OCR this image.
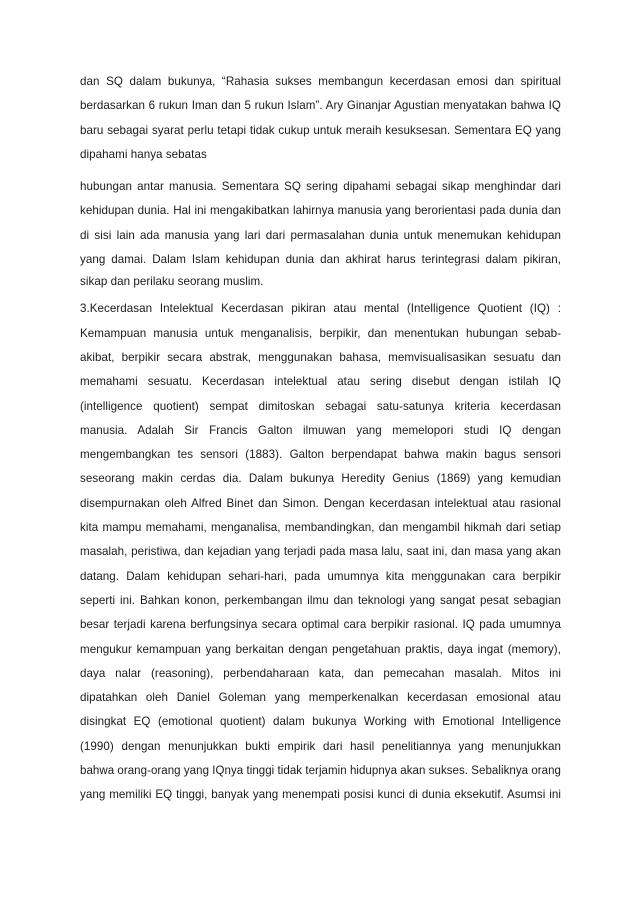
dan SQ dalam bukunya, “Rahasia sukses membangun kecerdasan emosi dan spiritual

berdasarkan 6 rukun Iman dan 5 rukun Islam”. Ary Ginanjar Agustian menyatakan bahwa IQ

baru sebagai syarat perlu tetapi tidak cukup untuk meraih kesuksesan. Sementara EQ yang

dipahami hanya sebatas

hubungan antar manusia. Sementara SQ sering dipahami sebagai sikap menghindar dari

kehidupan dunia. Hal ini mengakibatkan lahirnya manusia yang berorientasi pada dunia dan

di sisi lain ada manusia yang lari dari permasalahan dunia untuk menemukan kehidupan

yang damai. Dalam Islam kehidupan dunia dan akhirat harus terintegrasi dalam pikiran,

sikap dan perilaku seorang muslim.

3.Kecerdasan Intelektual Kecerdasan pikiran atau mental (Intelligence Quotient (IQ) :

Kemampuan manusia untuk menganalisis, berpikir, dan menentukan hubungan sebab-

akibat, berpikir secara abstrak, menggunakan bahasa, memvisualisasikan sesuatu dan

memahami sesuatu. Kecerdasan intelektual atau sering disebut dengan istilah IQ

(intelligence quotient) sempat dimitoskan sebagai satu-satunya kriteria kecerdasan

manusia. Adalah Sir Francis Galton ilmuwan yang memelopori studi IQ dengan

mengembangkan tes sensori (1883). Galton berpendapat bahwa makin bagus sensori

seseorang makin cerdas dia. Dalam bukunya Heredity Genius (1869) yang kemudian

disempurnakan oleh Alfred Binet dan Simon. Dengan kecerdasan intelektual atau rasional

kita mampu memahami, menganalisa, membandingkan, dan mengambil hikmah dari setiap

masalah, peristiwa, dan kejadian yang terjadi pada masa lalu, saat ini, dan masa yang akan

datang. Dalam kehidupan sehari-hari, pada umumnya kita menggunakan cara berpikir

seperti ini. Bahkan konon, perkembangan ilmu dan teknologi yang sangat pesat sebagian

besar terjadi karena berfungsinya secara optimal cara berpikir rasional. IQ pada umumnya

mengukur kemampuan yang berkaitan dengan pengetahuan praktis, daya ingat (memory),

daya nalar (reasoning), perbendaharaan kata, dan pemecahan masalah. Mitos ini

dipatahkan oleh Daniel Goleman yang memperkenalkan kecerdasan emosional atau

disingkat EQ (emotional quotient) dalam bukunya Working with Emotional Intelligence

(1990) dengan menunjukkan bukti empirik dari hasil penelitiannya yang menunjukkan

bahwa orang-orang yang IQnya tinggi tidak terjamin hidupnya akan sukses. Sebaliknya orang

yang memiliki EQ tinggi, banyak yang menempati posisi kunci di dunia eksekutif. Asumsi ini
